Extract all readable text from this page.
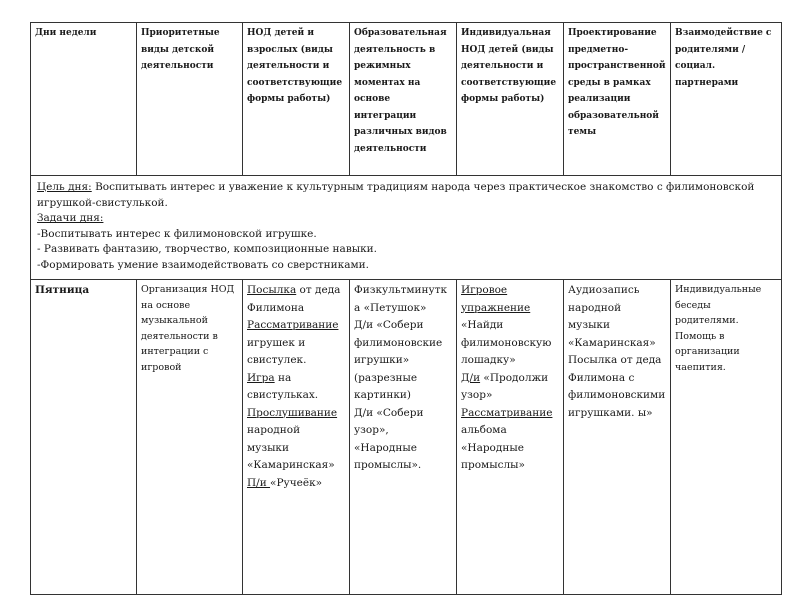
Дни недели	Приоритетные виды детской деятельности	НОД детей и взрослых (виды деятельности и соответствующие формы работы)	Образовательная деятельность в режимных моментах на основе интеграции различных видов деятельности	Индивидуальная НОД детей (виды деятельности и соответствующие формы работы)	Проектирование предметно-пространственной среды в рамках реализации образовательной темы	Взаимодействие с родителями / социал. партнерами
Цель дня: Воспитывать интерес и уважение к культурным традициям народа через практическое знакомство с филимоновской игрушкой-свистулькой.
Задачи дня:
-Воспитывать интерес к филимоновской игрушке.
- Развивать фантазию, творчество, композиционные навыки.
-Формировать умение взаимодействовать со сверстниками.						

Пятница	Организация НОД на основе музыкальной деятельности в интеграции с игровой	Посылка от деда Филимона
Рассматривание игрушек и свистулек.
Игра на свистульках.
Прослушивание народной музыки «Камаринская»
П/и «Ручеёк»	Физкультминутка «Петушок»
Д/и «Собери филимоновские игрушки» (разрезные картинки)
Д/и «Собери узор», «Народные промыслы».	Игровое упражнение «Найди филимоновскую лошадку»
Д/и «Продолжи узор»
Рассматривание альбома «Народные промыслы»	Аудиозапись народной музыки «Камаринская» Посылка от деда Филимона с филимоновскими игрушками. ы»	Индивидуальные беседы родителями. Помощь в организации чаепития.
